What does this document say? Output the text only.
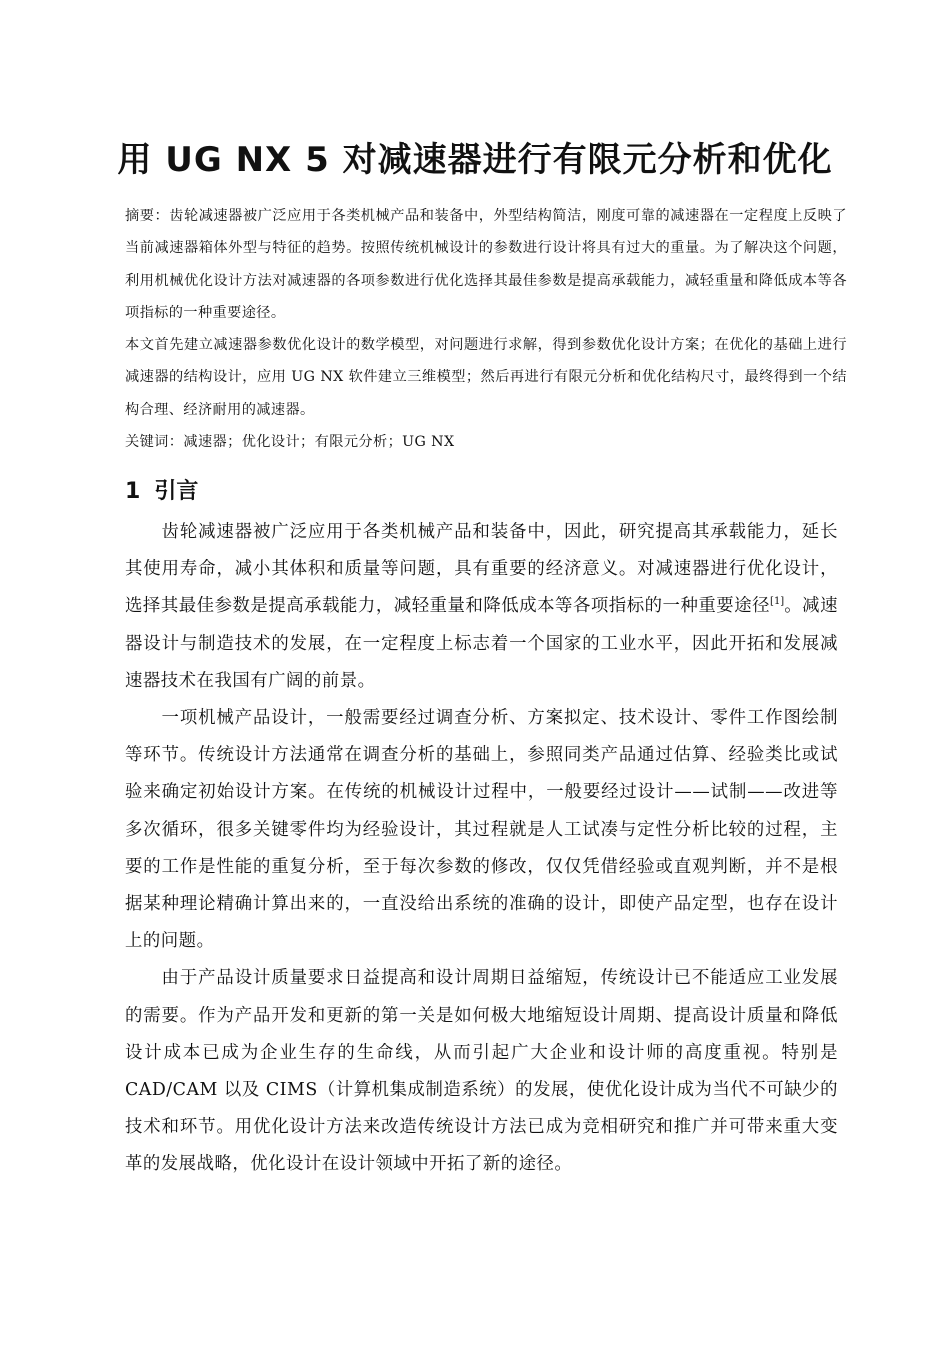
用 UG NX 5 对减速器进行有限元分析和优化

摘要：齿轮减速器被广泛应用于各类机械产品和装备中，外型结构简洁，刚度可靠的减速器在一定程度上反映了当前减速器箱体外型与特征的趋势。按照传统机械设计的参数进行设计将具有过大的重量。为了解决这个问题，利用机械优化设计方法对减速器的各项参数进行优化选择其最佳参数是提高承载能力，减轻重量和降低成本等各项指标的一种重要途径。

本文首先建立减速器参数优化设计的数学模型，对问题进行求解，得到参数优化设计方案；在优化的基础上进行减速器的结构设计，应用 UG NX 软件建立三维模型；然后再进行有限元分析和优化结构尺寸，最终得到一个结构合理、经济耐用的减速器。

关键词：减速器；优化设计；有限元分析；UG NX

1 引言

齿轮减速器被广泛应用于各类机械产品和装备中，因此，研究提高其承载能力，延长其使用寿命，减小其体积和质量等问题，具有重要的经济意义。对减速器进行优化设计，选择其最佳参数是提高承载能力，减轻重量和降低成本等各项指标的一种重要途径[1]。减速器设计与制造技术的发展，在一定程度上标志着一个国家的工业水平，因此开拓和发展减速器技术在我国有广阔的前景。

一项机械产品设计，一般需要经过调查分析、方案拟定、技术设计、零件工作图绘制等环节。传统设计方法通常在调查分析的基础上，参照同类产品通过估算、经验类比或试验来确定初始设计方案。在传统的机械设计过程中，一般要经过设计——试制——改进等多次循环，很多关键零件均为经验设计，其过程就是人工试凑与定性分析比较的过程，主要的工作是性能的重复分析，至于每次参数的修改，仅仅凭借经验或直观判断，并不是根据某种理论精确计算出来的，一直没给出系统的准确的设计，即使产品定型，也存在设计上的问题。

由于产品设计质量要求日益提高和设计周期日益缩短，传统设计已不能适应工业发展的需要。作为产品开发和更新的第一关是如何极大地缩短设计周期、提高设计质量和降低设计成本已成为企业生存的生命线，从而引起广大企业和设计师的高度重视。特别是 CAD/CAM 以及 CIMS（计算机集成制造系统）的发展，使优化设计成为当代不可缺少的技术和环节。用优化设计方法来改造传统设计方法已成为竞相研究和推广并可带来重大变革的发展战略，优化设计在设计领域中开拓了新的途径。
